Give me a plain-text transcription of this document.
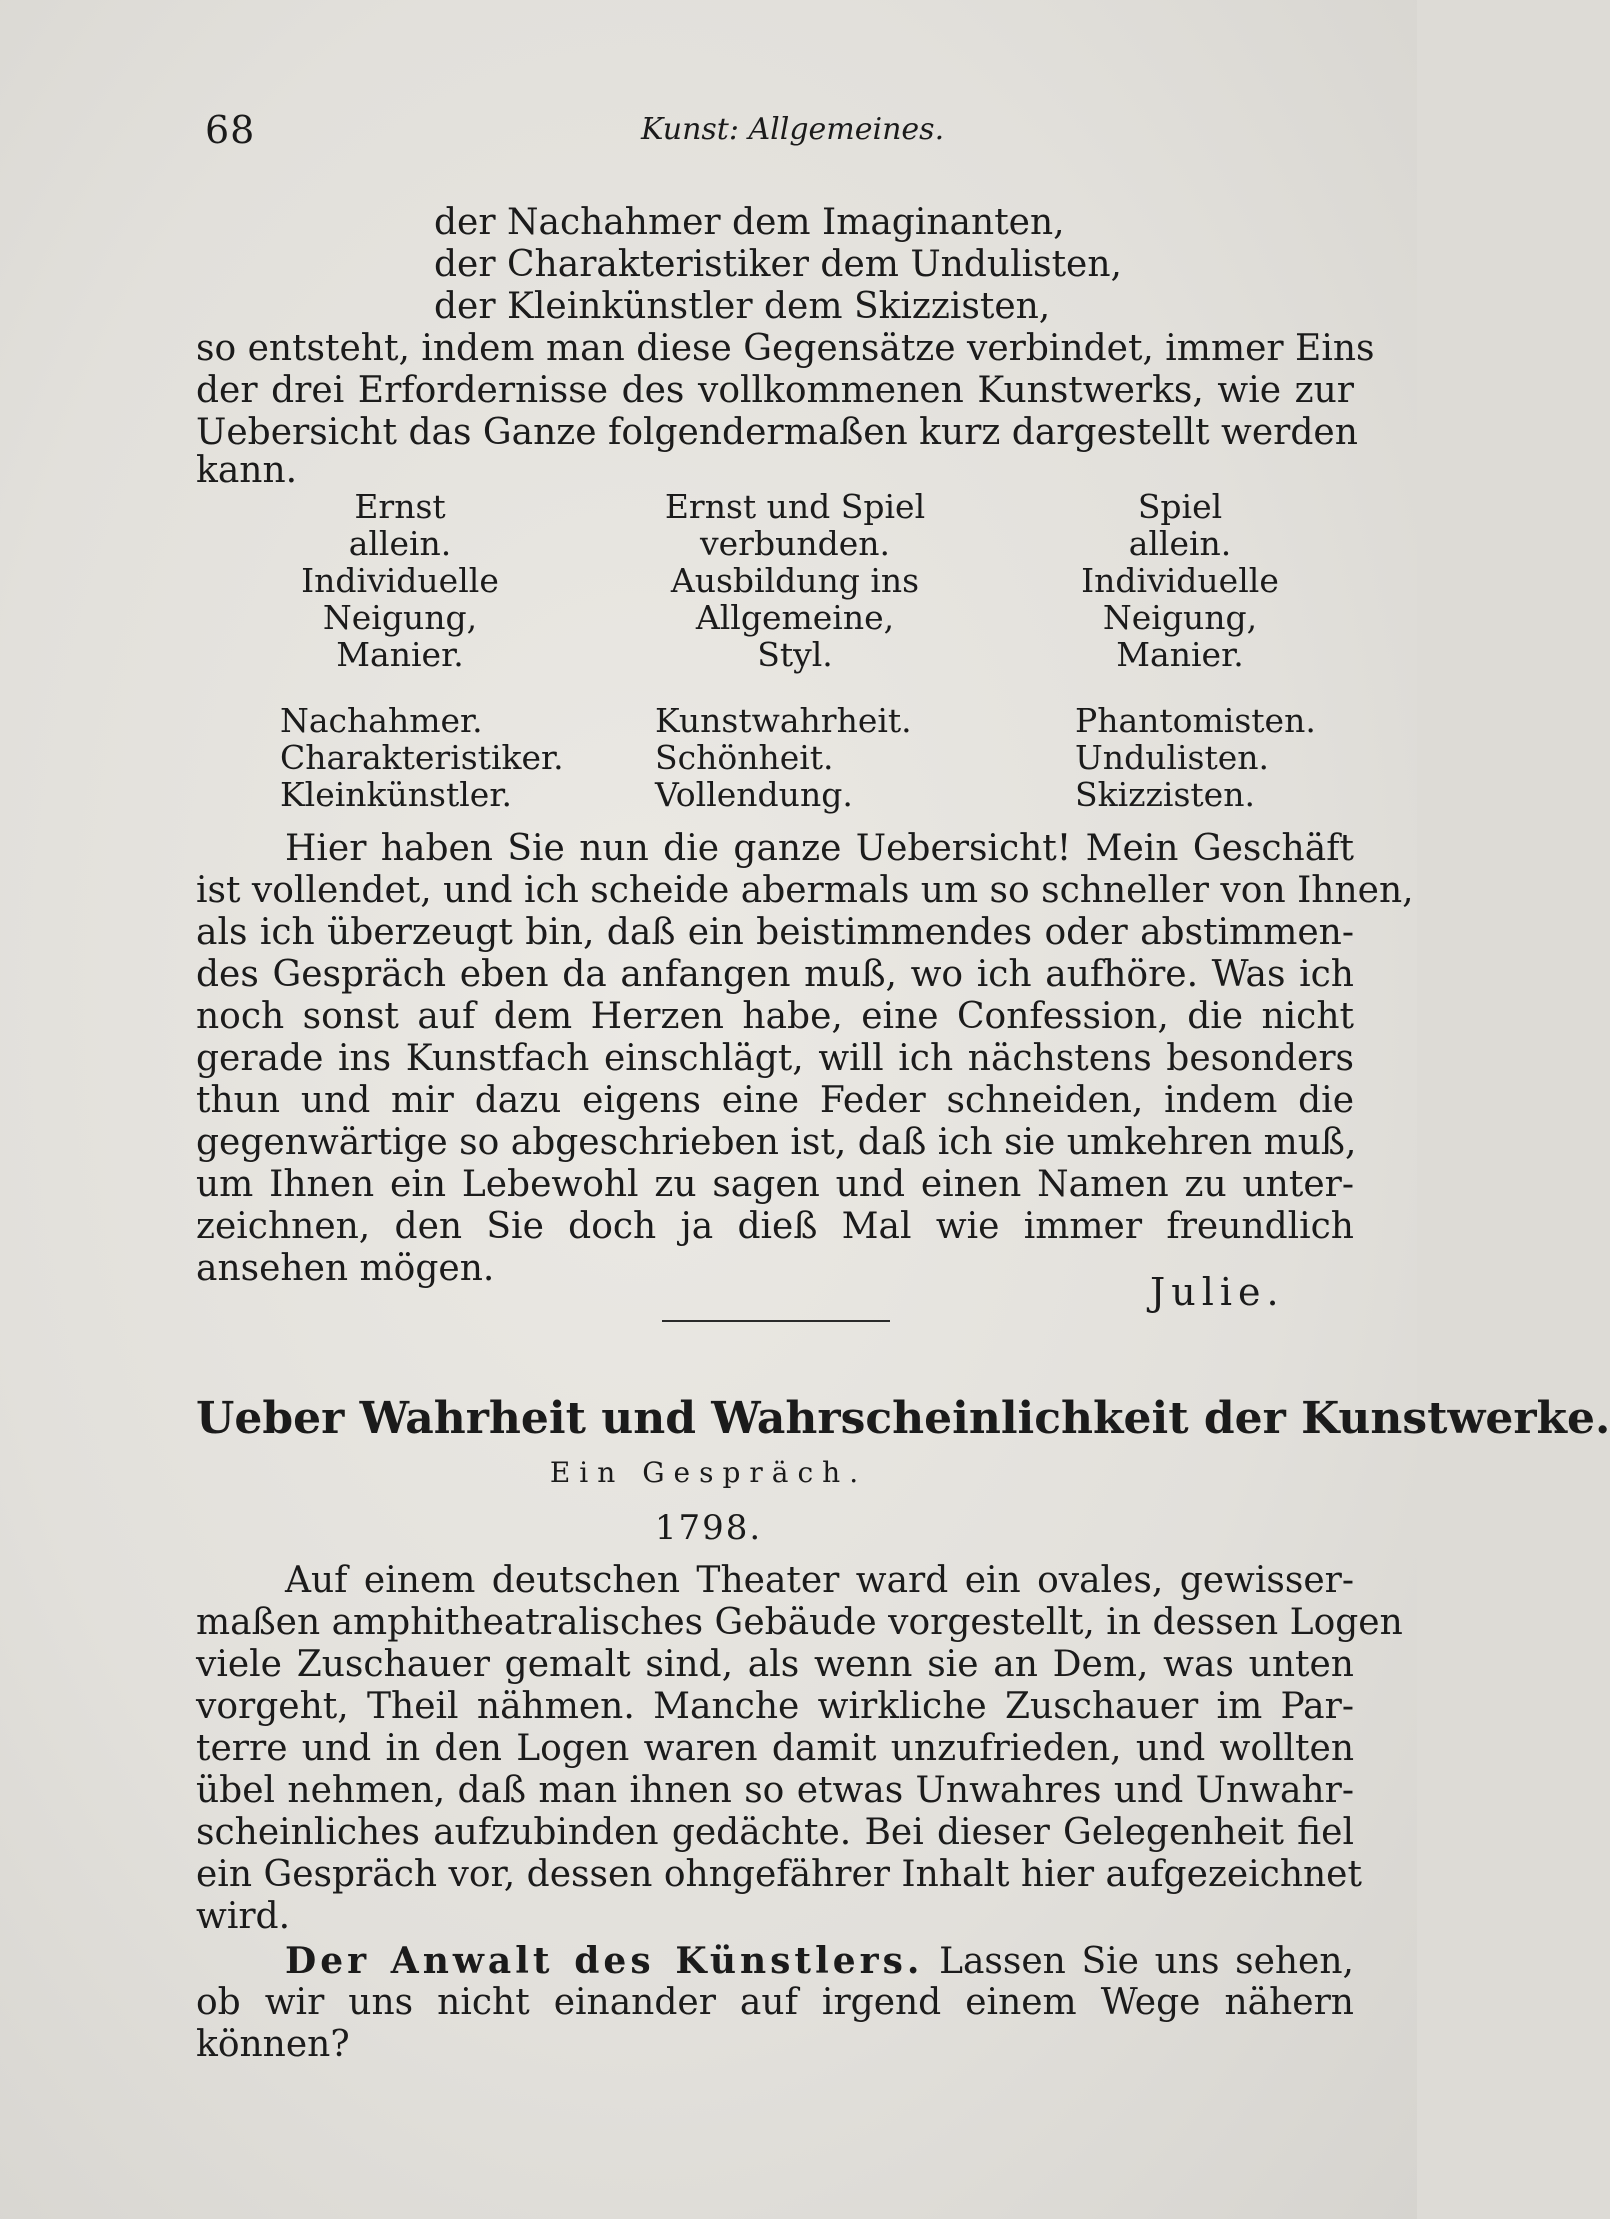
68	Kunst: Allgemeines.
der Nachahmer dem Imaginanten,
der Charakteristiker dem Undulisten,
der Kleinkünstler dem Skizzisten,
so entsteht, indem man diese Gegensätze verbindet, immer Eins
der drei Erfordernisse des vollkommenen Kunstwerks, wie zur
Uebersicht das Ganze folgendermaßen kurz dargestellt werden
kann.
Ernst
allein.
Individuelle
Neigung,
Manier.
Ernst und Spiel
verbunden.
Ausbildung ins
Allgemeine,
Styl.
Spiel
allein.
Individuelle
Neigung,
Manier.
Nachahmer.
Charakteristiker.
Kleinkünstler.
Kunstwahrheit.
Schönheit.
Vollendung.
Phantomisten.
Undulisten.
Skizzisten.
Hier haben Sie nun die ganze Uebersicht! Mein Geschäft
ist vollendet, und ich scheide abermals um so schneller von Ihnen,
als ich überzeugt bin, daß ein beistimmendes oder abstimmen-
des Gespräch eben da anfangen muß, wo ich aufhöre. Was ich
noch sonst auf dem Herzen habe, eine Confession, die nicht
gerade ins Kunstfach einschlägt, will ich nächstens besonders
thun und mir dazu eigens eine Feder schneiden, indem die
gegenwärtige so abgeschrieben ist, daß ich sie umkehren muß,
um Ihnen ein Lebewohl zu sagen und einen Namen zu unter-
zeichnen, den Sie doch ja dieß Mal wie immer freundlich
ansehen mögen.
Julie.
Ueber Wahrheit und Wahrscheinlichkeit der Kunstwerke.
Ein Gespräch.
1798.
Auf einem deutschen Theater ward ein ovales, gewisser-
maßen amphitheatralisches Gebäude vorgestellt, in dessen Logen
viele Zuschauer gemalt sind, als wenn sie an Dem, was unten
vorgeht, Theil nähmen. Manche wirkliche Zuschauer im Par-
terre und in den Logen waren damit unzufrieden, und wollten
übel nehmen, daß man ihnen so etwas Unwahres und Unwahr-
scheinliches aufzubinden gedächte. Bei dieser Gelegenheit fiel
ein Gespräch vor, dessen ohngefährer Inhalt hier aufgezeichnet
wird.
Der Anwalt des Künstlers. Lassen Sie uns sehen,
ob wir uns nicht einander auf irgend einem Wege nähern
können?
